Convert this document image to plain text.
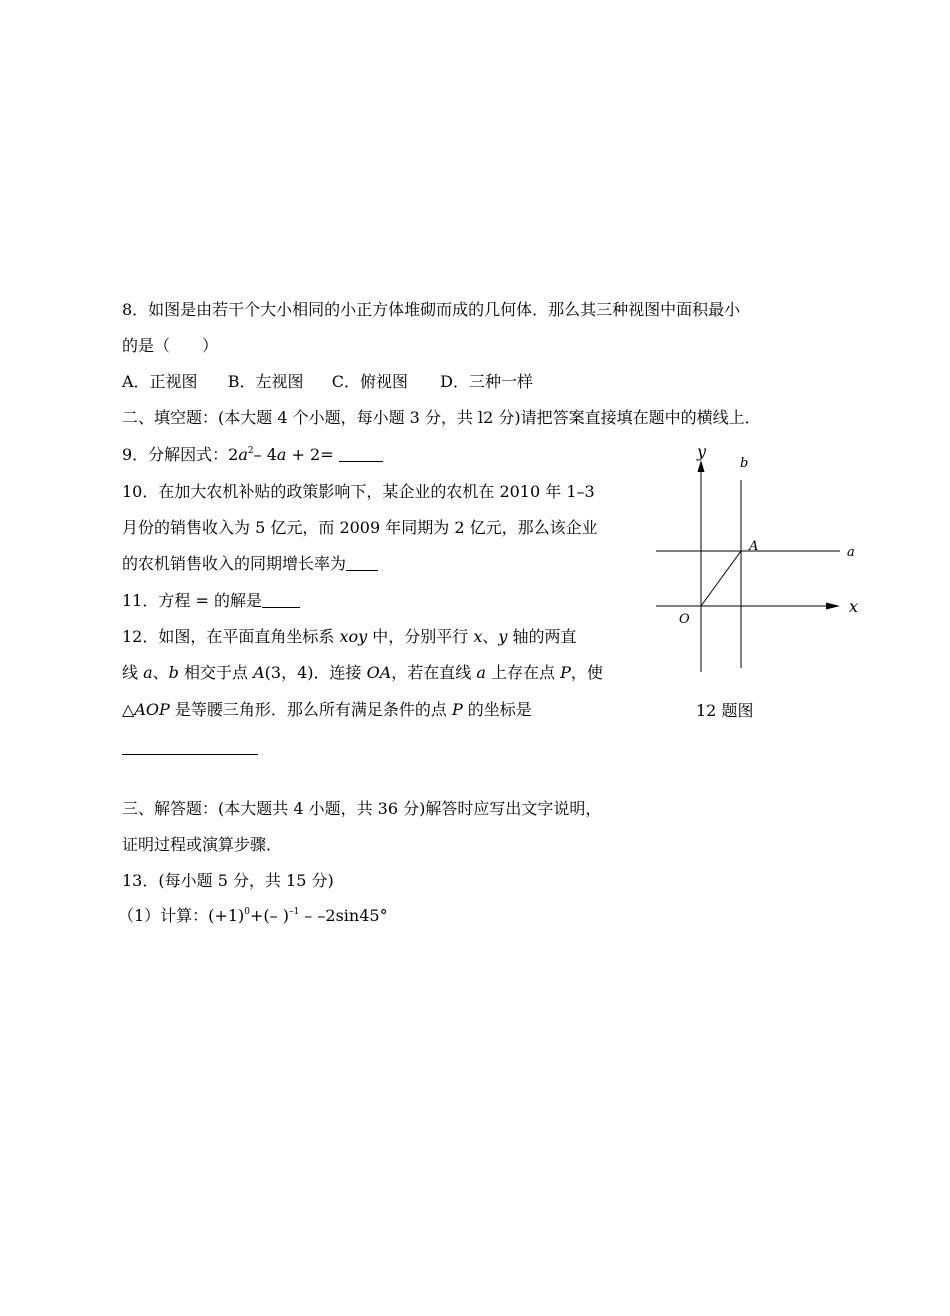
8．如图是由若干个大小相同的小正方体堆砌而成的几何体．那么其三种视图中面积最小
的是（　　）
A．正视图 B．左视图 C．俯视图 D．三种一样
二、填空题：(本大题 4 个小题，每小题 3 分，共 l2 分)请把答案直接填在题中的横线上．
9．分解因式：$2a^2-$ 4a + 2=
10．在加大农机补贴的政策影响下，某企业的农机在 2010 年 1–3
月份的销售收入为 5 亿元，而 2009 年同期为 2 亿元，那么该企业
的农机销售收入的同期增长率为
11．方程 = 的解是
12．如图，在平面直角坐标系 xoy 中，分别平行 x、y 轴的两直
线 a、b 相交于点 A(3，4)．连接 OA，若在直线 a 上存在点 P，使
△AOP 是等腰三角形．那么所有满足条件的点 P 的坐标是
y
x
b
a
A
O
12 题图
三、解答题：(本大题共 4 小题，共 36 分)解答时应写出文字说明，
证明过程或演算步骤．
13．(每小题 5 分，共 15 分)
（1）计算：$(+1)^0+(-$ )$^{-1}$ – –2sin45°
